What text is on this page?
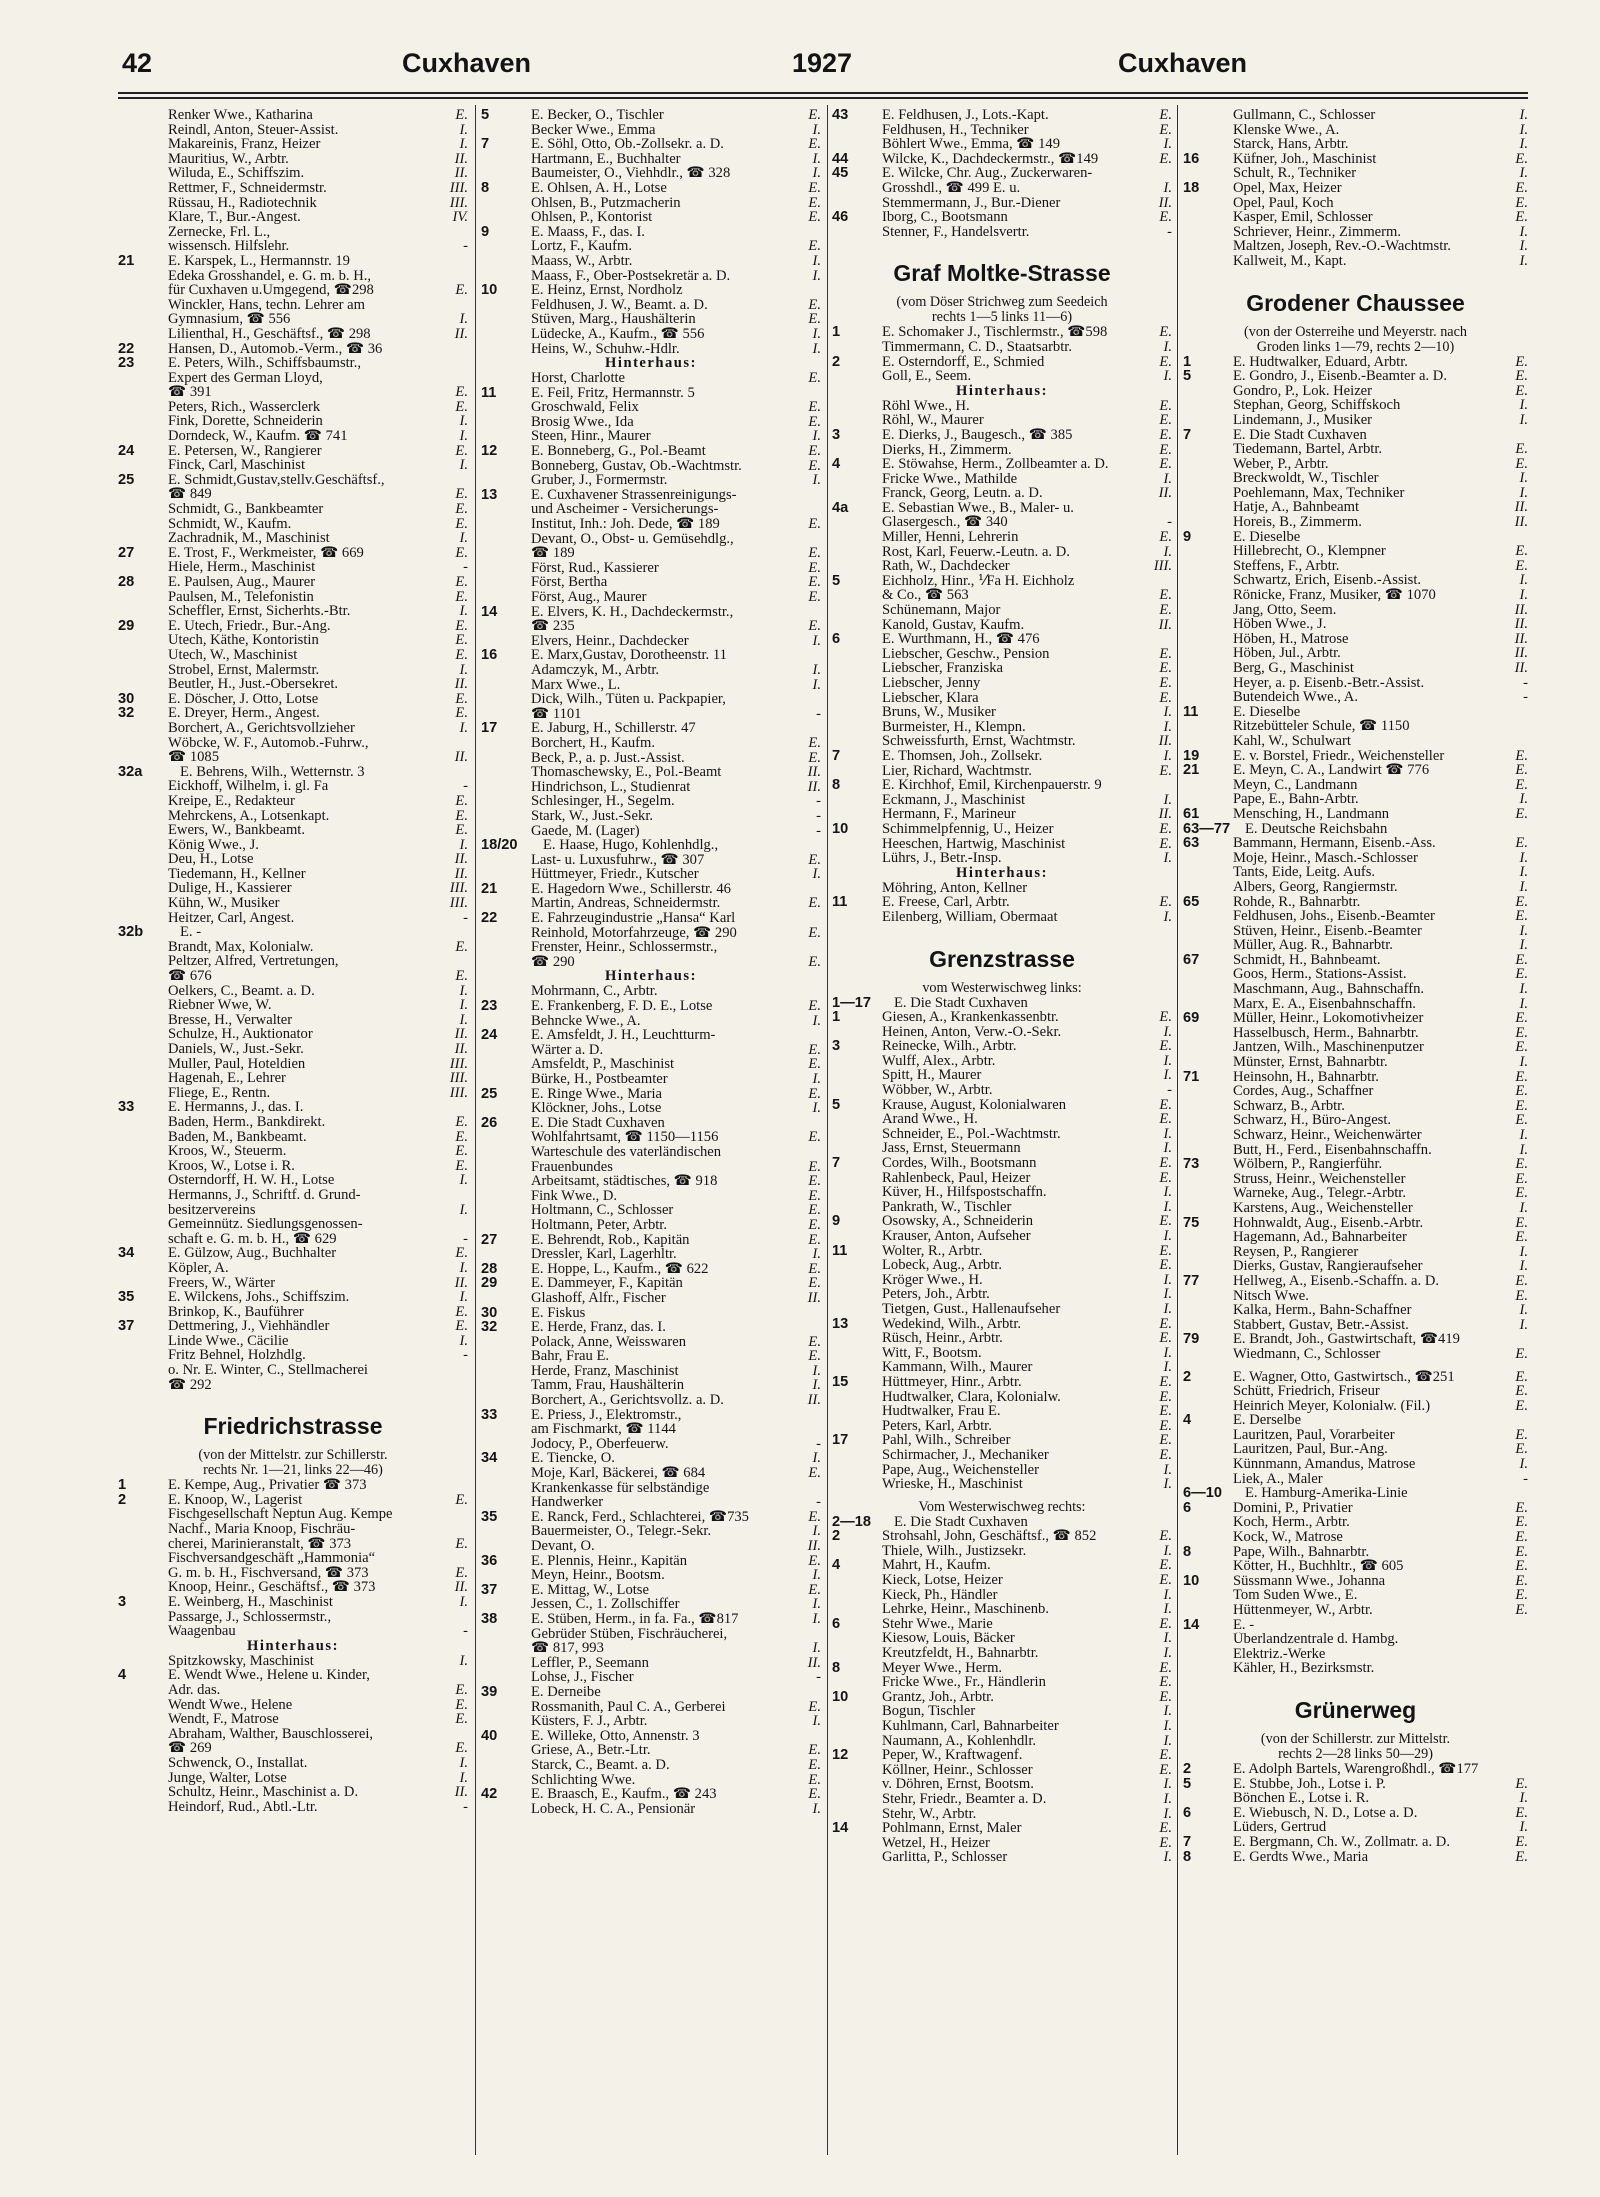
42	Cuxhaven	1927	Cuxhaven
Renker Wwe., Katharina	E.
Reindl, Anton, Steuer-Assist.	I.
Makareinis, Franz, Heizer	I.
Mauritius, W., Arbtr.	II.
Wiluda, E., Schiffszim.	II.
Rettmer, F., Schneidermstr.	III.
Rüssau, H., Radiotechnik	III.
Klare, T., Bur.-Angest.	IV.
Zernecke, Frl. L.,
wissensch. Hilfslehr.	-
21	E. Karspek, L., Hermannstr. 19
Edeka Grosshandel, e. G. m. b. H.,
für Cuxhaven u.Umgegend, ☎298	E.
Winckler, Hans, techn. Lehrer am
Gymnasium, ☎ 556	I.
Lilienthal, H., Geschäftsf., ☎ 298	II.
22	Hansen, D., Automob.-Verm., ☎ 36
23	E. Peters, Wilh., Schiffsbaumstr.,
Expert des German Lloyd,
☎ 391	E.
Peters, Rich., Wasserclerk	E.
Fink, Dorette, Schneiderin	I.
Dorndeck, W., Kaufm. ☎ 741	I.
24	E. Petersen, W., Rangierer	E.
Finck, Carl, Maschinist	I.
25	E. Schmidt,Gustav,stellv.Geschäftsf.,
☎ 849	E.
Schmidt, G., Bankbeamter	E.
Schmidt, W., Kaufm.	E.
Zachradnik, M., Maschinist	I.
27	E. Trost, F., Werkmeister, ☎ 669	E.
Hiele, Herm., Maschinist	-
28	E. Paulsen, Aug., Maurer	E.
Paulsen, M., Telefonistin	E.
Scheffler, Ernst, Sicherhts.-Btr.	I.
29	E. Utech, Friedr., Bur.-Ang.	E.
Utech, Käthe, Kontoristin	E.
Utech, W., Maschinist	E.
Strobel, Ernst, Malermstr.	I.
Beutler, H., Just.-Obersekret.	II.
30	E. Döscher, J. Otto, Lotse	E.
32	E. Dreyer, Herm., Angest.	E.
Borchert, A., Gerichtsvollzieher	I.
Wöbcke, W. F., Automob.-Fuhrw.,
☎ 1085	II.
32a	E. Behrens, Wilh., Wetternstr. 3
Eickhoff, Wilhelm, i. gl. Fa	-
Kreipe, E., Redakteur	E.
Mehrckens, A., Lotsenkapt.	E.
Ewers, W., Bankbeamt.	E.
König Wwe., J.	I.
Deu, H., Lotse	II.
Tiedemann, H., Kellner	II.
Dulige, H., Kassierer	III.
Kühn, W., Musiker	III.
Heitzer, Carl, Angest.	-
32b	E. -
Brandt, Max, Kolonialw.	E.
Peltzer, Alfred, Vertretungen,
☎ 676	E.
Oelkers, C., Beamt. a. D.	I.
Riebner Wwe, W.	I.
Bresse, H., Verwalter	I.
Schulze, H., Auktionator	II.
Daniels, W., Just.-Sekr.	II.
Muller, Paul, Hoteldien	III.
Hagenah, E., Lehrer	III.
Fliege, E., Rentn.	III.
33	E. Hermanns, J., das. I.
Baden, Herm., Bankdirekt.	E.
Baden, M., Bankbeamt.	E.
Kroos, W., Steuerm.	E.
Kroos, W., Lotse i. R.	E.
Osterndorff, H. W. H., Lotse	I.
Hermanns, J., Schriftf. d. Grund-
besitzervereins	I.
Gemeinnütz. Siedlungsgenossen-
schaft e. G. m. b. H., ☎ 629	-
34	E. Gülzow, Aug., Buchhalter	E.
Köpler, A.	I.
Freers, W., Wärter	II.
35	E. Wilckens, Johs., Schiffszim.	I.
Brinkop, K., Bauführer	E.
37	Dettmering, J., Viehhändler	E.
Linde Wwe., Cäcilie	I.
Fritz Behnel, Holzhdlg.	-
o. Nr. E. Winter, C., Stellmacherei
☎ 292
Friedrichstrasse
(von der Mittelstr. zur Schillerstr.
rechts Nr. 1—21, links 22—46)
1	E. Kempe, Aug., Privatier ☎ 373
2	E. Knoop, W., Lagerist	E.
Fischgesellschaft Neptun Aug. Kempe
Nachf., Maria Knoop, Fischräu-
cherei, Marinieranstalt, ☎ 373	E.
Fischversandgeschäft „Hammonia“
G. m. b. H., Fischversand, ☎ 373	E.
Knoop, Heinr., Geschäftsf., ☎ 373	II.
3	E. Weinberg, H., Maschinist	I.
Passarge, J., Schlossermstr.,
Waagenbau	-
Hinterhaus:
Spitzkowsky, Maschinist	I.
4	E. Wendt Wwe., Helene u. Kinder,
Adr. das.	E.
Wendt Wwe., Helene	E.
Wendt, F., Matrose	E.
Abraham, Walther, Bauschlosserei,
☎ 269	E.
Schwenck, O., Installat.	I.
Junge, Walter, Lotse	I.
Schultz, Heinr., Maschinist a. D.	II.
Heindorf, Rud., Abtl.-Ltr.	-
5	E. Becker, O., Tischler	E.
Becker Wwe., Emma	I.
7	E. Söhl, Otto, Ob.-Zollsekr. a. D.	E.
Hartmann, E., Buchhalter	I.
Baumeister, O., Viehhdlr., ☎ 328	I.
8	E. Ohlsen, A. H., Lotse	E.
Ohlsen, B., Putzmacherin	E.
Ohlsen, P., Kontorist	E.
9	E. Maass, F., das. I.
Lortz, F., Kaufm.	E.
Maass, W., Arbtr.	I.
Maass, F., Ober-Postsekretär a. D.	I.
10	E. Heinz, Ernst, Nordholz
Feldhusen, J. W., Beamt. a. D.	E.
Stüven, Marg., Haushälterin	E.
Lüdecke, A., Kaufm., ☎ 556	I.
Heins, W., Schuhw.-Hdlr.	I.
Hinterhaus:
Horst, Charlotte	E.
11	E. Feil, Fritz, Hermannstr. 5
Groschwald, Felix	E.
Brosig Wwe., Ida	E.
Steen, Hinr., Maurer	I.
12	E. Bonneberg, G., Pol.-Beamt	E.
Bonneberg, Gustav, Ob.-Wachtmstr.	E.
Gruber, J., Formermstr.	I.
13	E. Cuxhavener Strassenreinigungs-
und Ascheimer - Versicherungs-
Institut, Inh.: Joh. Dede, ☎ 189	E.
Devant, O., Obst- u. Gemüsehdlg.,
☎ 189	E.
Först, Rud., Kassierer	E.
Först, Bertha	E.
Först, Aug., Maurer	E.
14	E. Elvers, K. H., Dachdeckermstr.,
☎ 235	E.
Elvers, Heinr., Dachdecker	I.
16	E. Marx,Gustav, Dorotheenstr. 11
Adamczyk, M., Arbtr.	I.
Marx Wwe., L.	I.
Dick, Wilh., Tüten u. Packpapier,
☎ 1101	-
17	E. Jaburg, H., Schillerstr. 47
Borchert, H., Kaufm.	E.
Beck, P., a. p. Just.-Assist.	E.
Thomaschewsky, E., Pol.-Beamt	II.
Hindrichson, L., Studienrat	II.
Schlesinger, H., Segelm.	-
Stark, W., Just.-Sekr.	-
Gaede, M. (Lager)	-
18/20	E. Haase, Hugo, Kohlenhdlg.,
Last- u. Luxusfuhrw., ☎ 307	E.
Hüttmeyer, Friedr., Kutscher	I.
21	E. Hagedorn Wwe., Schillerstr. 46
Martin, Andreas, Schneidermstr.	E.
22	E. Fahrzeugindustrie „Hansa“ Karl
Reinhold, Motorfahrzeuge, ☎ 290	E.
Frenster, Heinr., Schlossermstr.,
☎ 290	E.
Hinterhaus:
Mohrmann, C., Arbtr.
23	E. Frankenberg, F. D. E., Lotse	E.
Behncke Wwe., A.	I.
24	E. Amsfeldt, J. H., Leuchtturm-
Wärter a. D.	E.
Amsfeldt, P., Maschinist	E.
Bürke, H., Postbeamter	I.
25	E. Ringe Wwe., Maria	E.
Klöckner, Johs., Lotse	I.
26	E. Die Stadt Cuxhaven
Wohlfahrtsamt, ☎ 1150—1156	E.
Warteschule des vaterländischen
Frauenbundes	E.
Arbeitsamt, städtisches, ☎ 918	E.
Fink Wwe., D.	E.
Holtmann, C., Schlosser	E.
Holtmann, Peter, Arbtr.	E.
27	E. Behrendt, Rob., Kapitän	E.
Dressler, Karl, Lagerhltr.	I.
28	E. Hoppe, L., Kaufm., ☎ 622	E.
29	E. Dammeyer, F., Kapitän	E.
Glashoff, Alfr., Fischer	II.
30	E. Fiskus
32	E. Herde, Franz, das. I.
Polack, Anne, Weisswaren	E.
Bahr, Frau E.	E.
Herde, Franz, Maschinist	I.
Tamm, Frau, Haushälterin	I.
Borchert, A., Gerichtsvollz. a. D.	II.
33	E. Priess, J., Elektromstr.,
am Fischmarkt, ☎ 1144
Jodocy, P., Oberfeuerw.	-
34	E. Tiencke, O.	I.
Moje, Karl, Bäckerei, ☎ 684	E.
Krankenkasse für selbständige
Handwerker	-
35	E. Ranck, Ferd., Schlachterei, ☎735	E.
Bauermeister, O., Telegr.-Sekr.	I.
Devant, O.	II.
36	E. Plennis, Heinr., Kapitän	E.
Meyn, Heinr., Bootsm.	I.
37	E. Mittag, W., Lotse	E.
Jessen, C., 1. Zollschiffer	I.
38	E. Stüben, Herm., in fa. Fa., ☎817	I.
Gebrüder Stüben, Fischräucherei,
☎ 817, 993	I.
Leffler, P., Seemann	II.
Lohse, J., Fischer	-
39	E. Derneibe
Rossmanith, Paul C. A., Gerberei	E.
Küsters, F. J., Arbtr.	I.
40	E. Willeke, Otto, Annenstr. 3
Griese, A., Betr.-Ltr.	E.
Starck, C., Beamt. a. D.	E.
Schlichting Wwe.	E.
42	E. Braasch, E., Kaufm., ☎ 243	E.
Lobeck, H. C. A., Pensionär	I.
43	E. Feldhusen, J., Lots.-Kapt.	E.
Feldhusen, H., Techniker	E.
Böhlert Wwe., Emma, ☎ 149	I.
44	Wilcke, K., Dachdeckermstr., ☎149	E.
45	E. Wilcke, Chr. Aug., Zuckerwaren-
Grosshdl., ☎ 499 E. u.	I.
Stemmermann, J., Bur.-Diener	II.
46	Iborg, C., Bootsmann	E.
Stenner, F., Handelsvertr.	-
Graf Moltke-Strasse
(vom Döser Strichweg zum Seedeich
rechts 1—5 links 11—6)
1	E. Schomaker J., Tischlermstr., ☎598	E.
Timmermann, C. D., Staatsarbtr.	I.
2	E. Osterndorff, E., Schmied	E.
Goll, E., Seem.	I.
Hinterhaus:
Röhl Wwe., H.	E.
Röhl, W., Maurer	E.
3	E. Dierks, J., Baugesch., ☎ 385	E.
Dierks, H., Zimmerm.	E.
4	E. Stöwahse, Herm., Zollbeamter a. D.	E.
Fricke Wwe., Mathilde	I.
Franck, Georg, Leutn. a. D.	II.
4a	E. Sebastian Wwe., B., Maler- u.
Glasergesch., ☎ 340	-
Miller, Henni, Lehrerin	E.
Rost, Karl, Feuerw.-Leutn. a. D.	I.
Rath, W., Dachdecker	III.
5	Eichholz, Hinr., ⅟Fa H. Eichholz
& Co., ☎ 563	E.
Schünemann, Major	E.
Kanold, Gustav, Kaufm.	II.
6	E. Wurthmann, H., ☎ 476
Liebscher, Geschw., Pension	E.
Liebscher, Franziska	E.
Liebscher, Jenny	E.
Liebscher, Klara	E.
Bruns, W., Musiker	I.
Burmeister, H., Klempn.	I.
Schweissfurth, Ernst, Wachtmstr.	II.
7	E. Thomsen, Joh., Zollsekr.	I.
Lier, Richard, Wachtmstr.	E.
8	E. Kirchhof, Emil, Kirchenpauerstr. 9
Eckmann, J., Maschinist	I.
Hermann, F., Marineur	II.
10	Schimmelpfennig, U., Heizer	E.
Heeschen, Hartwig, Maschinist	E.
Lührs, J., Betr.-Insp.	I.
Hinterhaus:
Möhring, Anton, Kellner
11	E. Freese, Carl, Arbtr.	E.
Eilenberg, William, Obermaat	I.
Grenzstrasse
vom Westerwischweg links:
1—17	E. Die Stadt Cuxhaven
1	Giesen, A., Krankenkassenbtr.	E.
Heinen, Anton, Verw.-O.-Sekr.	I.
3	Reinecke, Wilh., Arbtr.	E.
Wulff, Alex., Arbtr.	I.
Spitt, H., Maurer	I.
Wöbber, W., Arbtr.	-
5	Krause, August, Kolonialwaren	E.
Arand Wwe., H.	E.
Schneider, E., Pol.-Wachtmstr.	I.
Jass, Ernst, Steuermann	I.
7	Cordes, Wilh., Bootsmann	E.
Rahlenbeck, Paul, Heizer	E.
Küver, H., Hilfspostschaffn.	I.
Pankrath, W., Tischler	I.
9	Osowsky, A., Schneiderin	E.
Krauser, Anton, Aufseher	I.
11	Wolter, R., Arbtr.	E.
Lobeck, Aug., Arbtr.	E.
Kröger Wwe., H.	I.
Peters, Joh., Arbtr.	I.
Tietgen, Gust., Hallenaufseher	I.
13	Wedekind, Wilh., Arbtr.	E.
Rüsch, Heinr., Arbtr.	E.
Witt, F., Bootsm.	I.
Kammann, Wilh., Maurer	I.
15	Hüttmeyer, Hinr., Arbtr.	E.
Hudtwalker, Clara, Kolonialw.	E.
Hudtwalker, Frau E.	E.
Peters, Karl, Arbtr.	E.
17	Pahl, Wilh., Schreiber	E.
Schirmacher, J., Mechaniker	E.
Pape, Aug., Weichensteller	I.
Wrieske, H., Maschinist	I.
Vom Westerwischweg rechts:
2—18	E. Die Stadt Cuxhaven
2	Strohsahl, John, Geschäftsf., ☎ 852	E.
Thiele, Wilh., Justizsekr.	I.
4	Mahrt, H., Kaufm.	E.
Kieck, Lotse, Heizer	E.
Kieck, Ph., Händler	I.
Lehrke, Heinr., Maschinenb.	I.
6	Stehr Wwe., Marie	E.
Kiesow, Louis, Bäcker	I.
Kreutzfeldt, H., Bahnarbtr.	I.
8	Meyer Wwe., Herm.	E.
Fricke Wwe., Fr., Händlerin	E.
10	Grantz, Joh., Arbtr.	E.
Bogun, Tischler	I.
Kuhlmann, Carl, Bahnarbeiter	I.
Naumann, A., Kohlenhdlr.	I.
12	Peper, W., Kraftwagenf.	E.
Köllner, Heinr., Schlosser	E.
v. Döhren, Ernst, Bootsm.	I.
Stehr, Friedr., Beamter a. D.	I.
Stehr, W., Arbtr.	I.
14	Pohlmann, Ernst, Maler	E.
Wetzel, H., Heizer	E.
Garlitta, P., Schlosser	I.
Gullmann, C., Schlosser	I.
Klenske Wwe., A.	I.
Starck, Hans, Arbtr.	I.
16	Küfner, Joh., Maschinist	E.
Schult, R., Techniker	I.
18	Opel, Max, Heizer	E.
Opel, Paul, Koch	E.
Kasper, Emil, Schlosser	E.
Schriever, Heinr., Zimmerm.	I.
Maltzen, Joseph, Rev.-O.-Wachtmstr.	I.
Kallweit, M., Kapt.	I.
Grodener Chaussee
(von der Osterreihe und Meyerstr. nach
Groden links 1—79, rechts 2—10)
1	E. Hudtwalker, Eduard, Arbtr.	E.
5	E. Gondro, J., Eisenb.-Beamter a. D.	E.
Gondro, P., Lok. Heizer	E.
Stephan, Georg, Schiffskoch	I.
Lindemann, J., Musiker	I.
7	E. Die Stadt Cuxhaven
Tiedemann, Bartel, Arbtr.	E.
Weber, P., Arbtr.	E.
Breckwoldt, W., Tischler	I.
Poehlemann, Max, Techniker	I.
Hatje, A., Bahnbeamt	II.
Horeis, B., Zimmerm.	II.
9	E. Dieselbe
Hillebrecht, O., Klempner	E.
Steffens, F., Arbtr.	E.
Schwartz, Erich, Eisenb.-Assist.	I.
Rönicke, Franz, Musiker, ☎ 1070	I.
Jang, Otto, Seem.	II.
Höben Wwe., J.	II.
Höben, H., Matrose	II.
Höben, Jul., Arbtr.	II.
Berg, G., Maschinist	II.
Heyer, a. p. Eisenb.-Betr.-Assist.	-
Butendeich Wwe., A.	-
11	E. Dieselbe
Ritzebütteler Schule, ☎ 1150
Kahl, W., Schulwart
19	E. v. Borstel, Friedr., Weichensteller	E.
21	E. Meyn, C. A., Landwirt ☎ 776	E.
Meyn, C., Landmann	E.
Pape, E., Bahn-Arbtr.	I.
61	Mensching, H., Landmann	E.
63—77 E. Deutsche Reichsbahn
63	Bammann, Hermann, Eisenb.-Ass.	E.
Moje, Heinr., Masch.-Schlosser	I.
Tants, Eide, Leitg. Aufs.	I.
Albers, Georg, Rangiermstr.	I.
65	Rohde, R., Bahnarbtr.	E.
Feldhusen, Johs., Eisenb.-Beamter	E.
Stüven, Heinr., Eisenb.-Beamter	I.
Müller, Aug. R., Bahnarbtr.	I.
67	Schmidt, H., Bahnbeamt.	E.
Goos, Herm., Stations-Assist.	E.
Maschmann, Aug., Bahnschaffn.	I.
Marx, E. A., Eisenbahnschaffn.	I.
69	Müller, Heinr., Lokomotivheizer	E.
Hasselbusch, Herm., Bahnarbtr.	E.
Jantzen, Wilh., Maschinenputzer	E.
Münster, Ernst, Bahnarbtr.	I.
71	Heinsohn, H., Bahnarbtr.	E.
Cordes, Aug., Schaffner	E.
Schwarz, B., Arbtr.	E.
Schwarz, H., Büro-Angest.	E.
Schwarz, Heinr., Weichenwärter	I.
Butt, H., Ferd., Eisenbahnschaffn.	I.
73	Wölbern, P., Rangierführ.	E.
Struss, Heinr., Weichensteller	E.
Warneke, Aug., Telegr.-Arbtr.	E.
Karstens, Aug., Weichensteller	I.
75	Hohnwaldt, Aug., Eisenb.-Arbtr.	E.
Hagemann, Ad., Bahnarbeiter	E.
Reysen, P., Rangierer	I.
Dierks, Gustav, Rangieraufseher	I.
77	Hellweg, A., Eisenb.-Schaffn. a. D.	E.
Nitsch Wwe.	E.
Kalka, Herm., Bahn-Schaffner	I.
Stabbert, Gustav, Betr.-Assist.	I.
79	E. Brandt, Joh., Gastwirtschaft, ☎419
Wiedmann, C., Schlosser	E.
2	E. Wagner, Otto, Gastwirtsch., ☎251	E.
Schütt, Friedrich, Friseur	E.
Heinrich Meyer, Kolonialw. (Fil.)	E.
4	E. Derselbe
Lauritzen, Paul, Vorarbeiter	E.
Lauritzen, Paul, Bur.-Ang.	E.
Künnmann, Amandus, Matrose	I.
Liek, A., Maler	-
6—10	E. Hamburg-Amerika-Linie
6	Domini, P., Privatier	E.
Koch, Herm., Arbtr.	E.
Kock, W., Matrose	E.
8	Pape, Wilh., Bahnarbtr.	E.
Kötter, H., Buchhltr., ☎ 605	E.
10	Süssmann Wwe., Johanna	E.
Tom Suden Wwe., E.	E.
Hüttenmeyer, W., Arbtr.	E.
14	E. -
Überlandzentrale d. Hambg.
Elektriz.-Werke
Kähler, H., Bezirksmstr.
Grünerweg
(von der Schillerstr. zur Mittelstr.
rechts 2—28 links 50—29)
2	E. Adolph Bartels, Warengroßhdl., ☎177
5	E. Stubbe, Joh., Lotse i. P.	E.
Bönchen E., Lotse i. R.	I.
6	E. Wiebusch, N. D., Lotse a. D.	E.
Lüders, Gertrud	I.
7	E. Bergmann, Ch. W., Zollmatr. a. D.	E.
8	E. Gerdts Wwe., Maria	E.
